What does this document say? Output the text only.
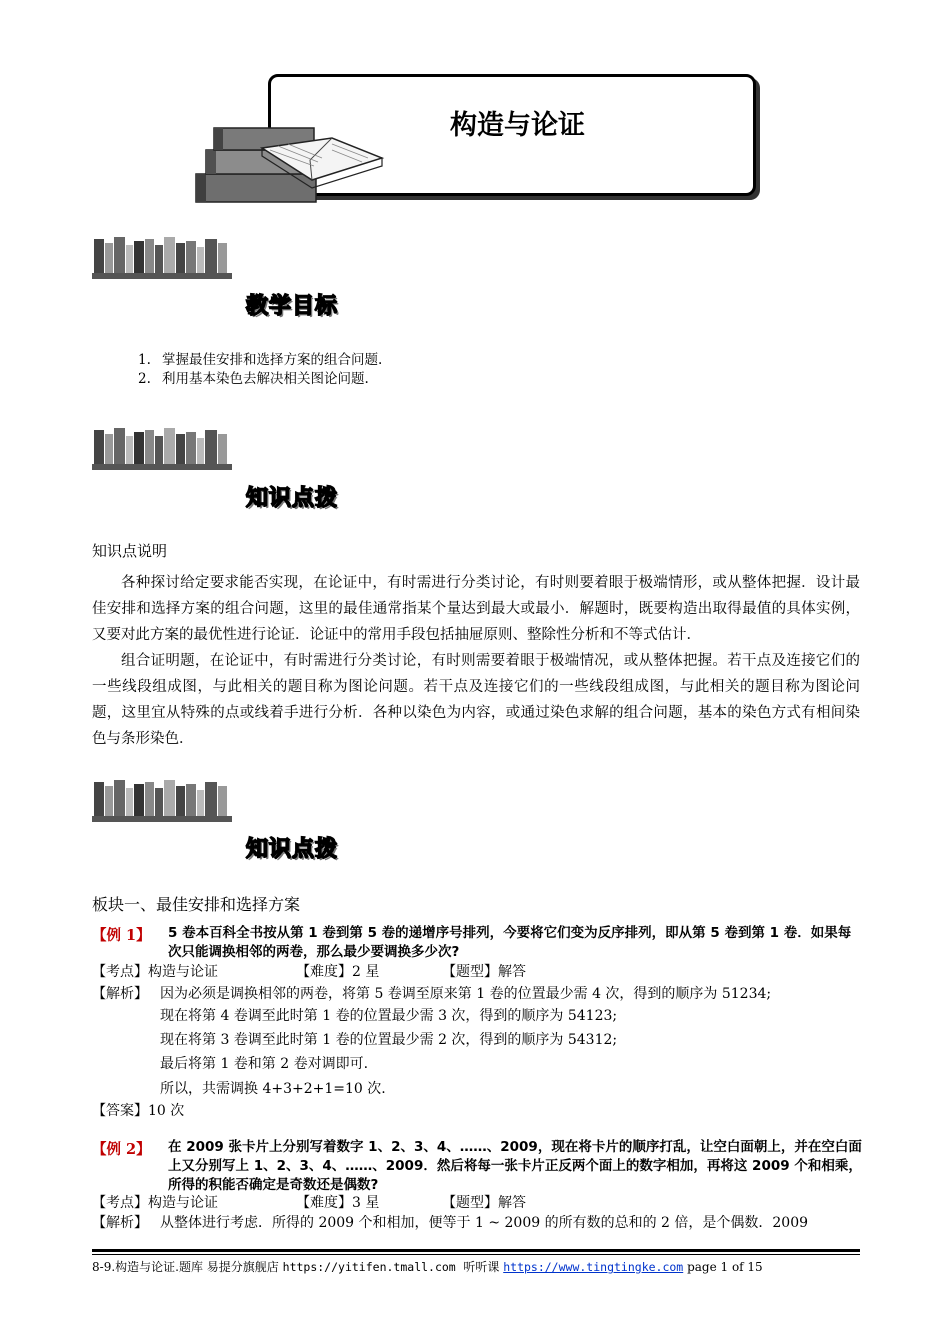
构造与论证
教学目标
1. 掌握最佳安排和选择方案的组合问题.
2. 利用基本染色去解决相关图论问题.
知识点拨
知识点说明

各种探讨给定要求能否实现，在论证中，有时需进行分类讨论，有时则要着眼于极端情形，或从整体把握．设计最佳安排和选择方案的组合问题，这里的最佳通常指某个量达到最大或最小．解题时，既要构造出取得最值的具体实例，又要对此方案的最优性进行论证．论证中的常用手段包括抽屉原则、整除性分析和不等式估计．

组合证明题，在论证中，有时需进行分类讨论，有时则需要着眼于极端情况，或从整体把握。若干点及连接它们的一些线段组成图，与此相关的题目称为图论问题。若干点及连接它们的一些线段组成图，与此相关的题目称为图论问题，这里宜从特殊的点或线着手进行分析．各种以染色为内容，或通过染色求解的组合问题，基本的染色方式有相间染色与条形染色．

知识点拨
板块一、最佳安排和选择方案
【例 1】 5 卷本百科全书按从第 1 卷到第 5 卷的递增序号排列，今要将它们变为反序排列，即从第 5 卷到第 1 卷．如果每次只能调换相邻的两卷，那么最少要调换多少次?
【考点】构造与论证	【难度】2 星	【题型】解答
【解析】 因为必须是调换相邻的两卷，将第 5 卷调至原来第 1 卷的位置最少需 4 次，得到的顺序为 51234;
现在将第 4 卷调至此时第 1 卷的位置最少需 3 次，得到的顺序为 54123;
现在将第 3 卷调至此时第 1 卷的位置最少需 2 次，得到的顺序为 54312;
最后将第 1 卷和第 2 卷对调即可.
所以，共需调换 4+3+2+1=10 次.
【答案】10 次
【例 2】 在 2009 张卡片上分别写着数字 1、2、3、4、……、2009，现在将卡片的顺序打乱，让空白面朝上，并在空白面上又分别写上 1、2、3、4、……、2009．然后将每一张卡片正反两个面上的数字相加，再将这 2009 个和相乘，所得的积能否确定是奇数还是偶数?
【考点】构造与论证	【难度】3 星	【题型】解答
【解析】 从整体进行考虑．所得的 2009 个和相加，便等于 1 ~ 2009 的所有数的总和的 2 倍，是个偶数．2009
8-9.构造与论证.题库 易提分旗舰店 https://yitifen.tmall.com 听听课 https://www.tingtingke.com page 1 of 15
